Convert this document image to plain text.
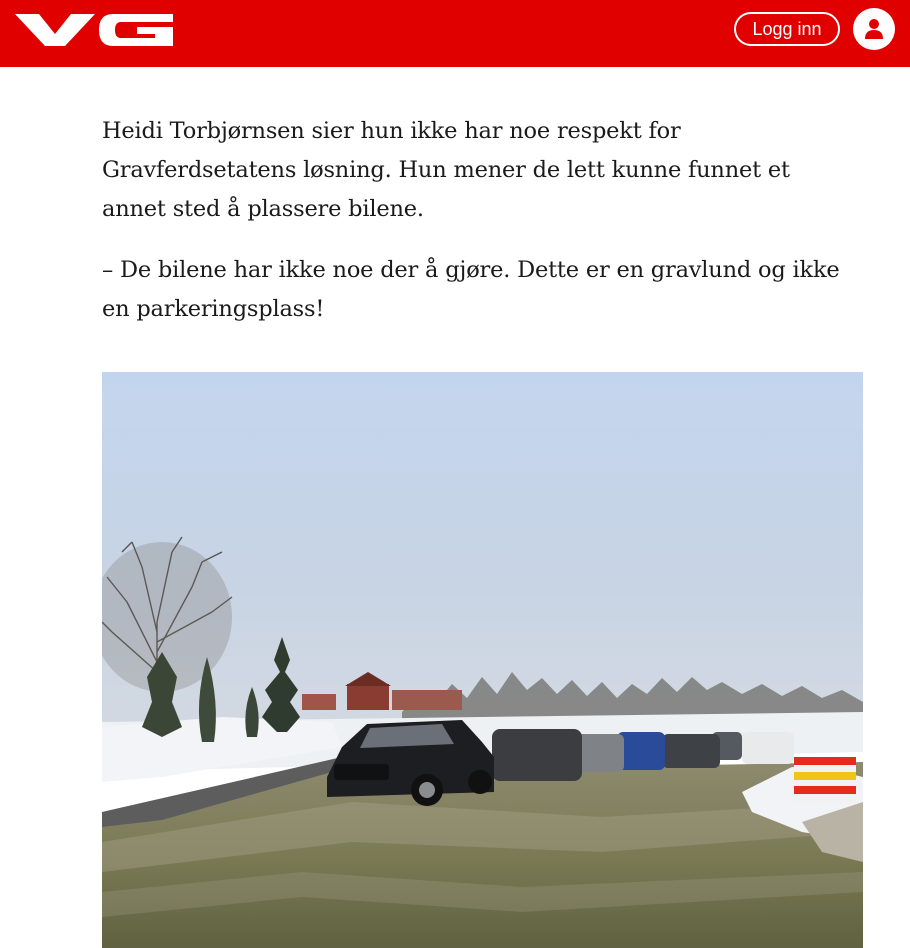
Logg inn

Heidi Torbjørnsen sier hun ikke har noe respekt for Gravferdsetatens løsning. Hun mener de lett kunne funnet et annet sted å plassere bilene.

– De bilene har ikke noe der å gjøre. Dette er en gravlund og ikke en parkeringsplass!
